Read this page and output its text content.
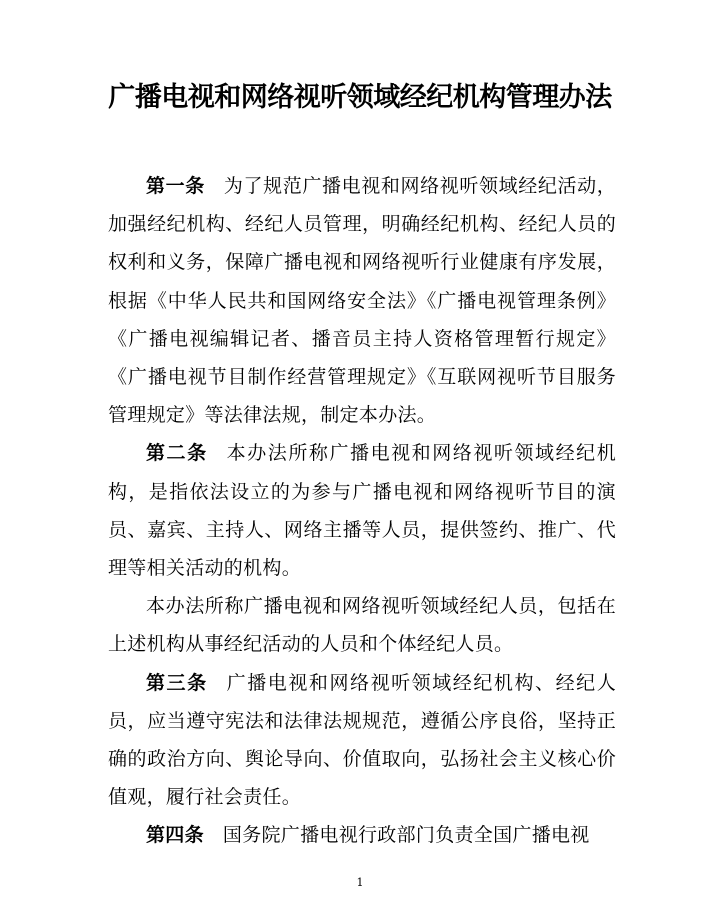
广播电视和网络视听领域经纪机构管理办法

第一条 为了规范广播电视和网络视听领域经纪活动，加强经纪机构、经纪人员管理，明确经纪机构、经纪人员的权利和义务，保障广播电视和网络视听行业健康有序发展，根据《中华人民共和国网络安全法》《广播电视管理条例》《广播电视编辑记者、播音员主持人资格管理暂行规定》《广播电视节目制作经营管理规定》《互联网视听节目服务管理规定》等法律法规，制定本办法。

第二条 本办法所称广播电视和网络视听领域经纪机构，是指依法设立的为参与广播电视和网络视听节目的演员、嘉宾、主持人、网络主播等人员，提供签约、推广、代理等相关活动的机构。

本办法所称广播电视和网络视听领域经纪人员，包括在上述机构从事经纪活动的人员和个体经纪人员。

第三条 广播电视和网络视听领域经纪机构、经纪人员，应当遵守宪法和法律法规规范，遵循公序良俗，坚持正确的政治方向、舆论导向、价值取向，弘扬社会主义核心价值观，履行社会责任。

第四条 国务院广播电视行政部门负责全国广播电视

1
